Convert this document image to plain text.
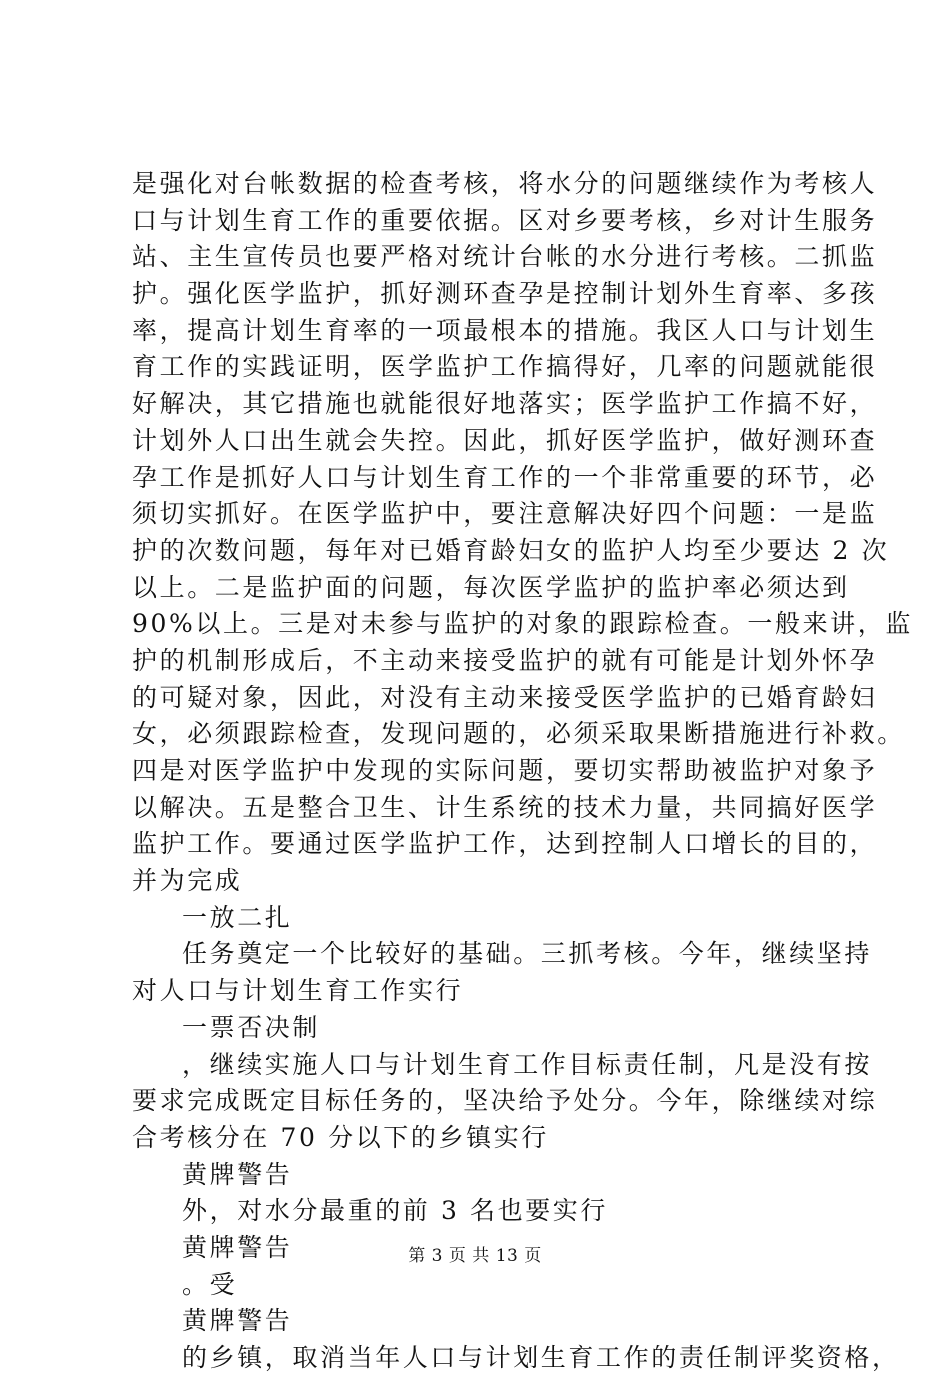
是强化对台帐数据的检查考核，将水分的问题继续作为考核人
口与计划生育工作的重要依据。区对乡要考核，乡对计生服务
站、主生宣传员也要严格对统计台帐的水分进行考核。二抓监
护。强化医学监护，抓好测环查孕是控制计划外生育率、多孩
率，提高计划生育率的一项最根本的措施。我区人口与计划生
育工作的实践证明，医学监护工作搞得好，几率的问题就能很
好解决，其它措施也就能很好地落实；医学监护工作搞不好，
计划外人口出生就会失控。因此，抓好医学监护，做好测环查
孕工作是抓好人口与计划生育工作的一个非常重要的环节，必
须切实抓好。在医学监护中，要注意解决好四个问题：一是监
护的次数问题，每年对已婚育龄妇女的监护人均至少要达 2 次
以上。二是监护面的问题，每次医学监护的监护率必须达到
90%以上。三是对未参与监护的对象的跟踪检查。一般来讲，监
护的机制形成后，不主动来接受监护的就有可能是计划外怀孕
的可疑对象，因此，对没有主动来接受医学监护的已婚育龄妇
女，必须跟踪检查，发现问题的，必须采取果断措施进行补救。
四是对医学监护中发现的实际问题，要切实帮助被监护对象予
以解决。五是整合卫生、计生系统的技术力量，共同搞好医学
监护工作。要通过医学监护工作，达到控制人口增长的目的，
并为完成
一放二扎
任务奠定一个比较好的基础。三抓考核。今年，继续坚持
对人口与计划生育工作实行
一票否决制
，继续实施人口与计划生育工作目标责任制，凡是没有按
要求完成既定目标任务的，坚决给予处分。今年，除继续对综
合考核分在 70 分以下的乡镇实行
黄牌警告
外，对水分最重的前 3 名也要实行
黄牌警告
。受
黄牌警告
的乡镇，取消当年人口与计划生育工作的责任制评奖资格，
第 3 页 共 13 页
